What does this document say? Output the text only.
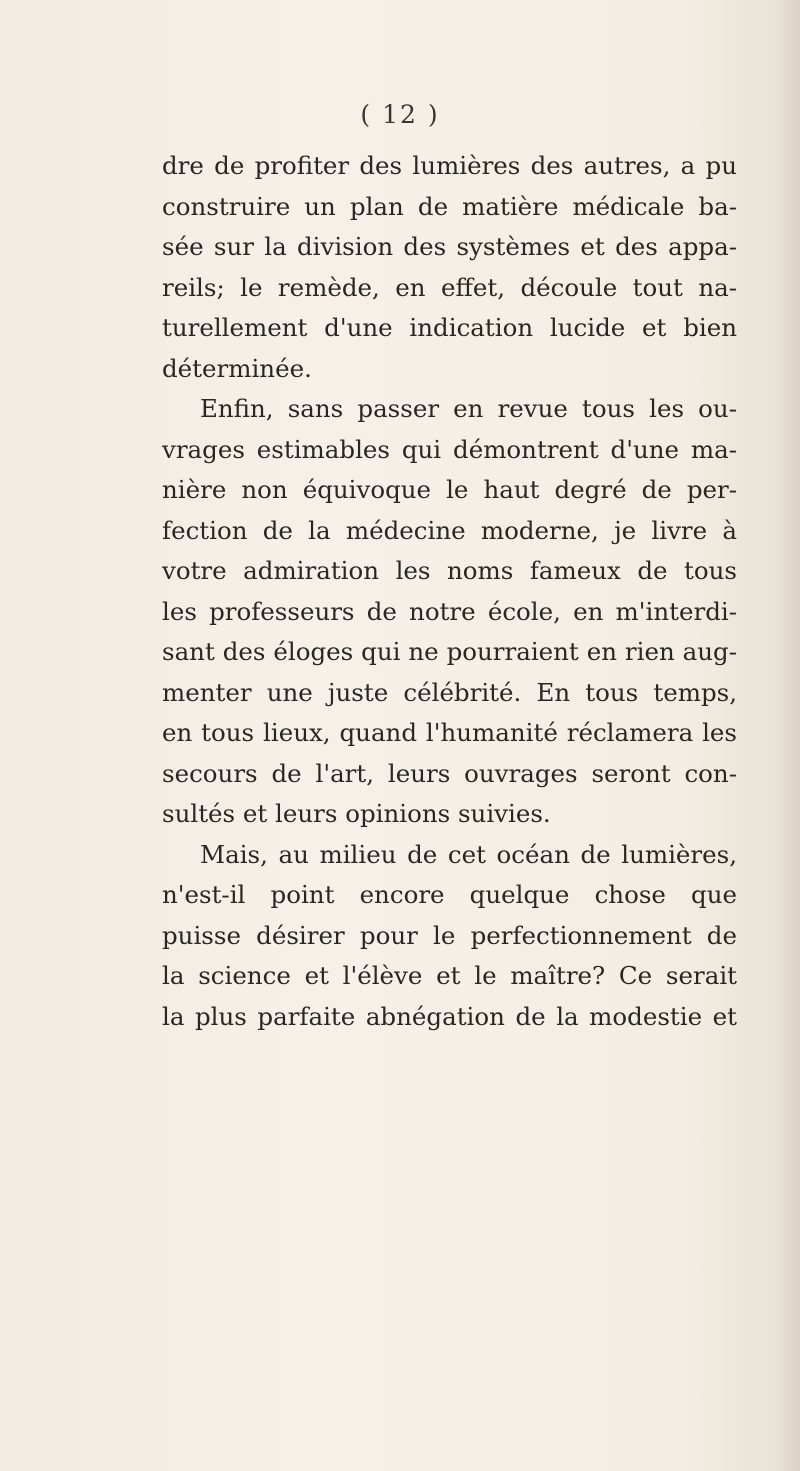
( 12 )
dre de profiter des lumières des autres, a pu
construire un plan de matière médicale ba-
sée sur la division des systèmes et des appa-
reils; le remède, en effet, découle tout na-
turellement d'une indication lucide et bien
déterminée.
Enfin, sans passer en revue tous les ou-
vrages estimables qui démontrent d'une ma-
nière non équivoque le haut degré de per-
fection de la médecine moderne, je livre à
votre admiration les noms fameux de tous
les professeurs de notre école, en m'interdi-
sant des éloges qui ne pourraient en rien aug-
menter une juste célébrité. En tous temps,
en tous lieux, quand l'humanité réclamera les
secours de l'art, leurs ouvrages seront con-
sultés et leurs opinions suivies.
Mais, au milieu de cet océan de lumières,
n'est-il point encore quelque chose que
puisse désirer pour le perfectionnement de
la science et l'élève et le maître? Ce serait
la plus parfaite abnégation de la modestie et
